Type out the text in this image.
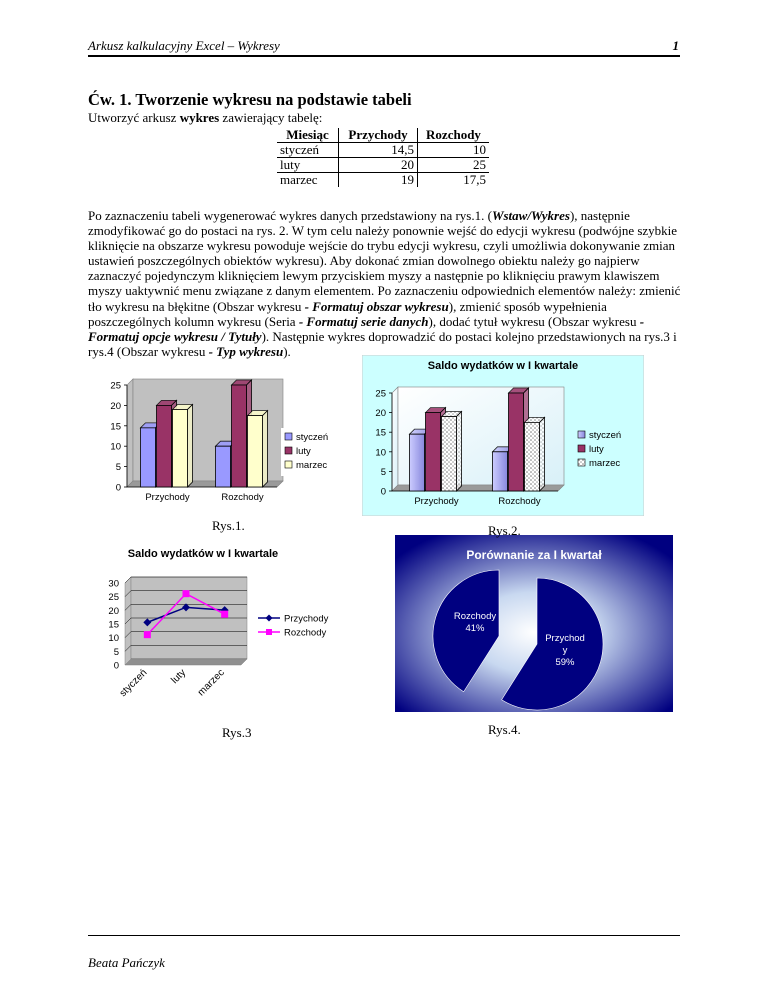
Arkusz kalkulacyjny Excel – Wykresy	1
Ćw. 1. Tworzenie wykresu na podstawie tabeli
Utworzyć arkusz wykres zawierający tabelę:
Miesiąc	Przychody	Rozchody
styczeń	14,5	10
luty	20	25
marzec	19	17,5
Po zaznaczeniu tabeli wygenerować wykres danych przedstawiony na rys.1. (Wstaw/Wykres), następnie zmodyfikować go do postaci na rys. 2. W tym celu należy ponownie wejść do edycji wykresu (podwójne szybkie kliknięcie na obszarze wykresu powoduje wejście do trybu edycji wykresu, czyli umożliwia dokonywanie zmian ustawień poszczególnych obiektów wykresu). Aby dokonać zmian dowolnego obiektu należy go najpierw zaznaczyć pojedynczym kliknięciem lewym przyciskiem myszy a następnie po kliknięciu prawym klawiszem myszy uaktywnić menu związane z danym elementem. Po zaznaczeniu odpowiednich elementów należy: zmienić tło wykresu na błękitne (Obszar wykresu - Formatuj obszar wykresu), zmienić sposób wypełnienia poszczególnych kolumn wykresu (Seria - Formatuj serie danych), dodać tytuł wykresu (Obszar wykresu - Formatuj opcje wykresu / Tytuły). Następnie wykres doprowadzić do postaci kolejno przedstawionych na rys.3 i rys.4 (Obszar wykresu - Typ wykresu).
0
5
10
15
20
25
Przychody	Rozchody
styczeń
luty
marzec
Saldo wydatków w I kwartale
0
5
10
15
20
25
Przychody	Rozchody
styczeń
luty
marzec
Saldo wydatków w I kwartale
0
5
10
15
20
25
30
styczeń luty marzec
Przychody
Rozchody
Porównanie za I kwartał
Rozchody
41%
Przychod
y
59%
Rys.1.	Rys.2.
Rys.3	Rys.4.
Beata Pańczyk
